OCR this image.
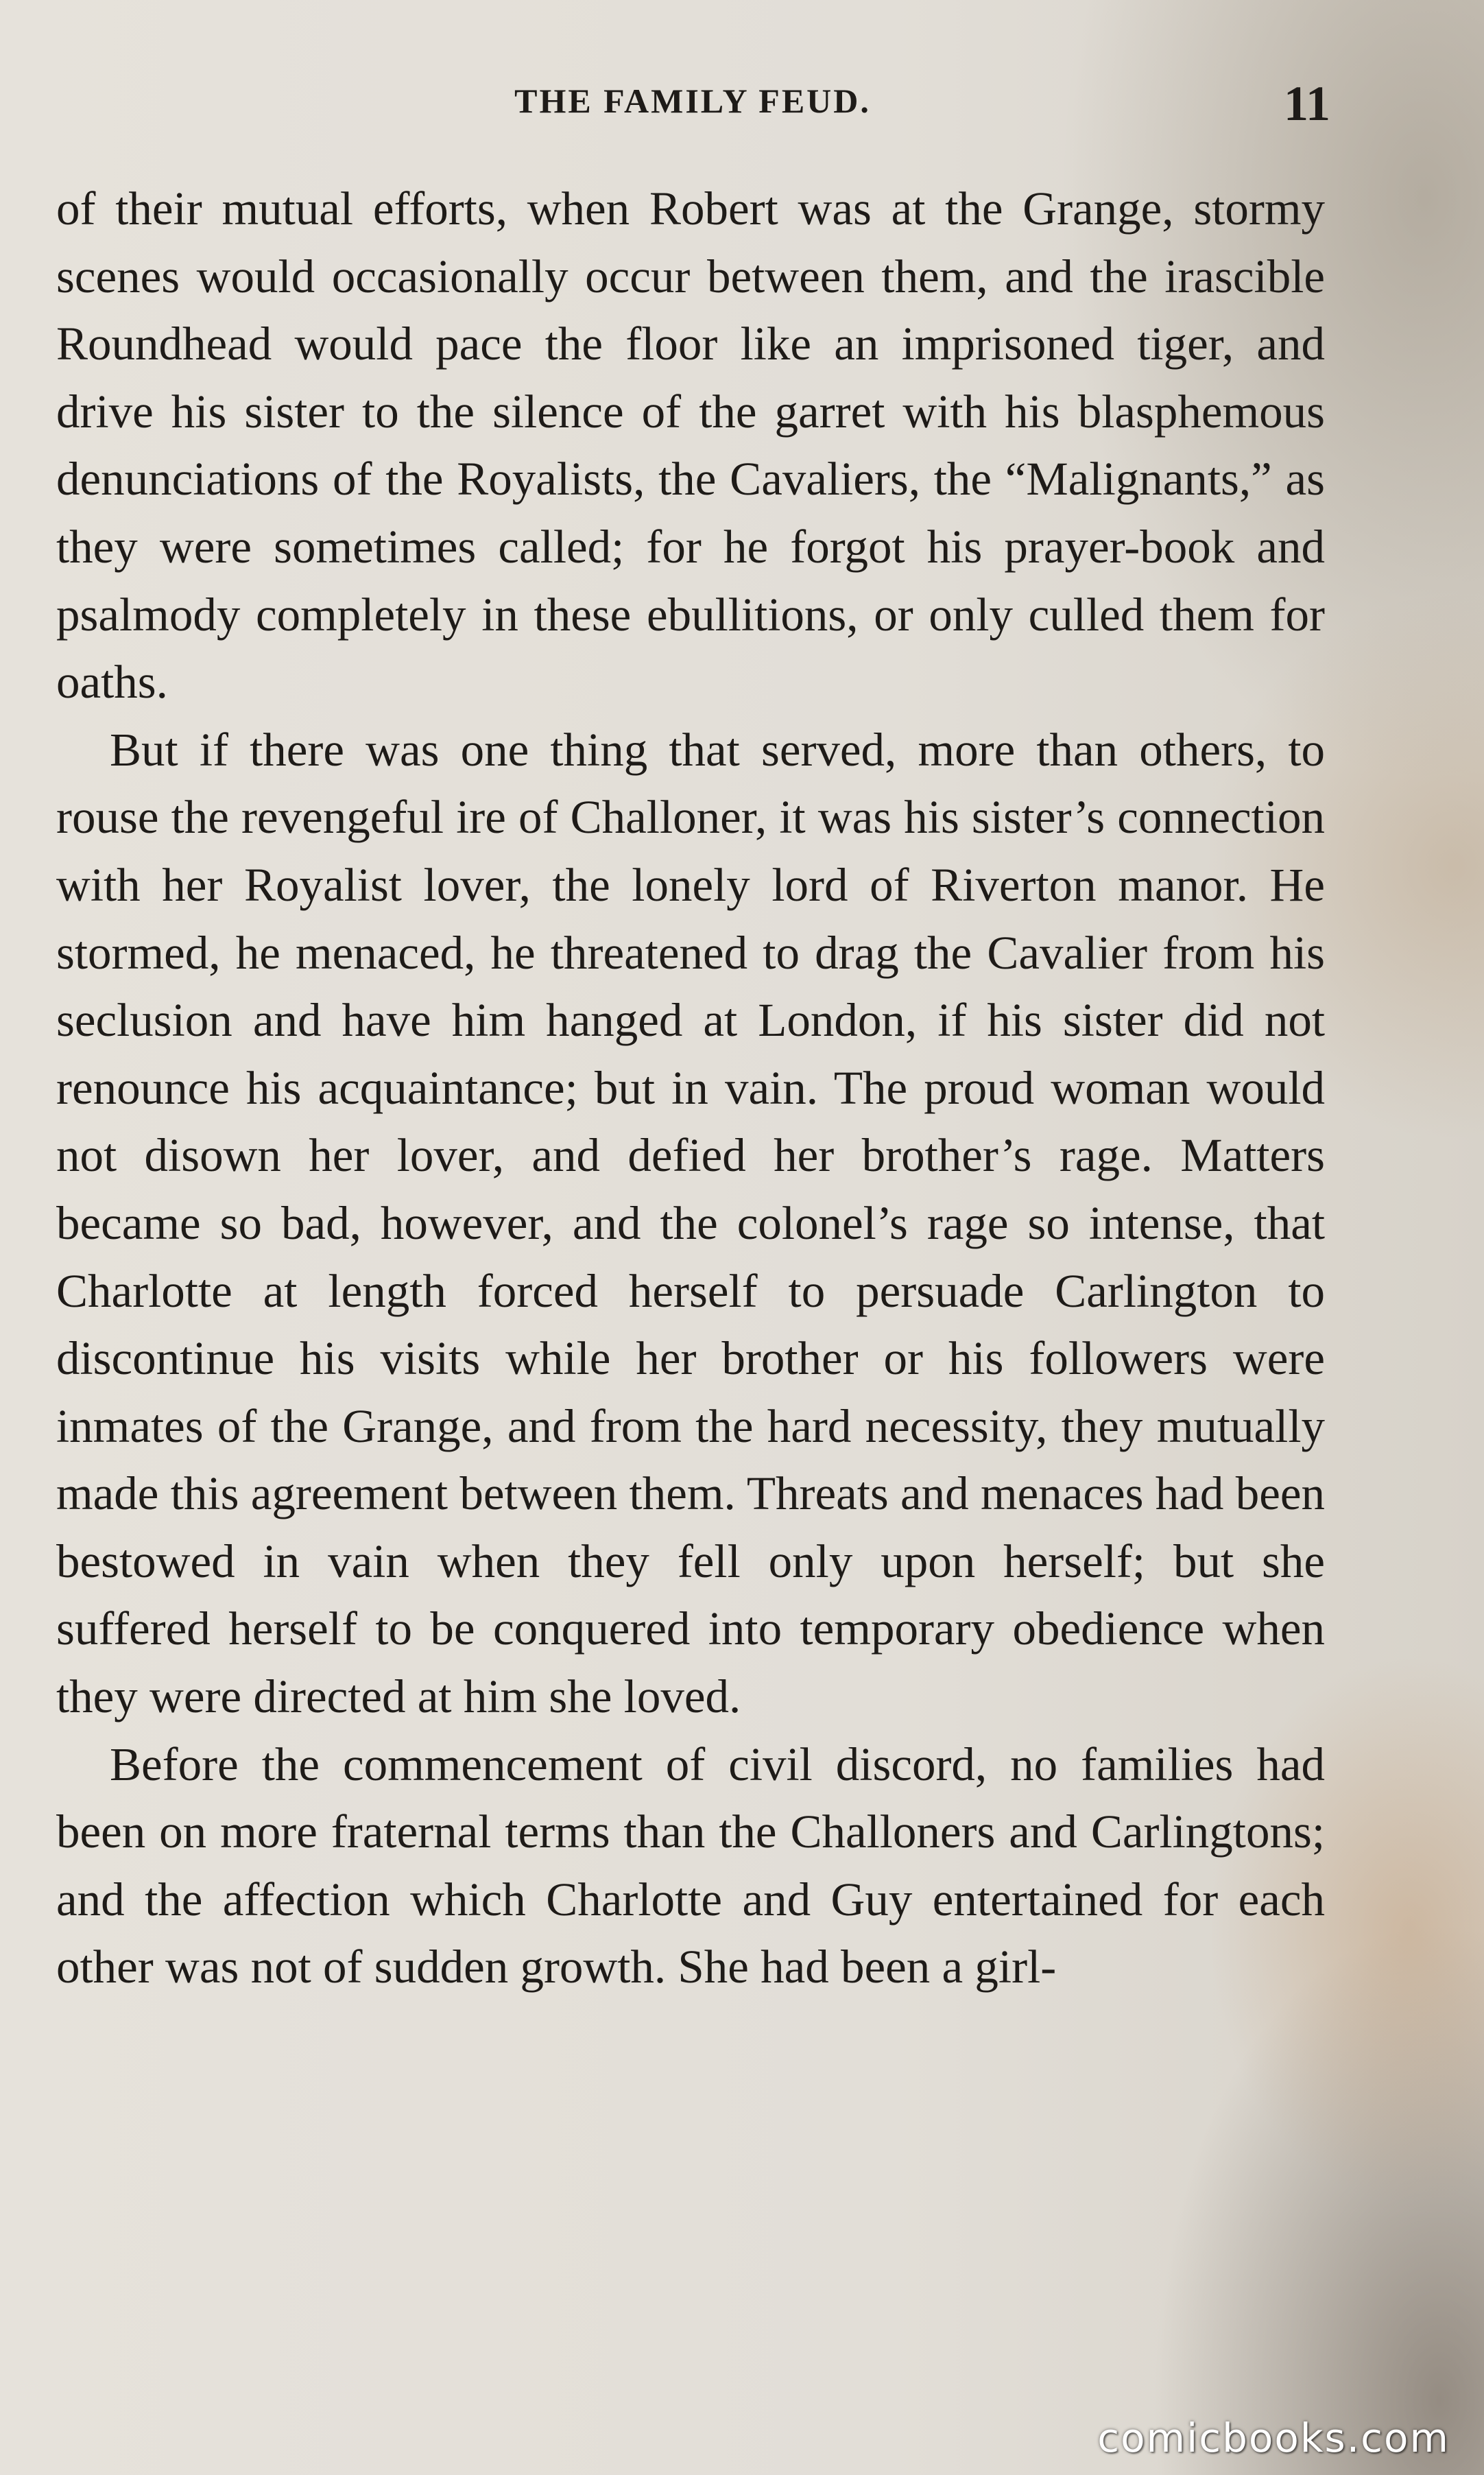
THE FAMILY FEUD.	11

of their mutual efforts, when Robert was at the Grange, stormy scenes would occasionally occur between them, and the irascible Roundhead would pace the floor like an imprisoned tiger, and drive his sister to the silence of the garret with his blasphemous denunciations of the Royalists, the Cavaliers, the “Malignants,” as they were sometimes called; for he forgot his prayer-book and psalmody completely in these ebullitions, or only culled them for oaths.

But if there was one thing that served, more than others, to rouse the revengeful ire of Challoner, it was his sister’s connection with her Royalist lover, the lonely lord of Riverton manor. He stormed, he menaced, he threatened to drag the Cavalier from his seclusion and have him hanged at London, if his sister did not renounce his acquaintance; but in vain. The proud woman would not disown her lover, and defied her brother’s rage. Matters became so bad, however, and the colonel’s rage so intense, that Charlotte at length forced herself to persuade Carlington to discontinue his visits while her brother or his followers were inmates of the Grange, and from the hard necessity, they mutually made this agreement between them. Threats and menaces had been bestowed in vain when they fell only upon herself; but she suffered herself to be conquered into temporary obedience when they were directed at him she loved.

Before the commencement of civil discord, no families had been on more fraternal terms than the Challoners and Carlingtons; and the affection which Charlotte and Guy entertained for each other was not of sudden growth. She had been a girl-

comicbooks.com
